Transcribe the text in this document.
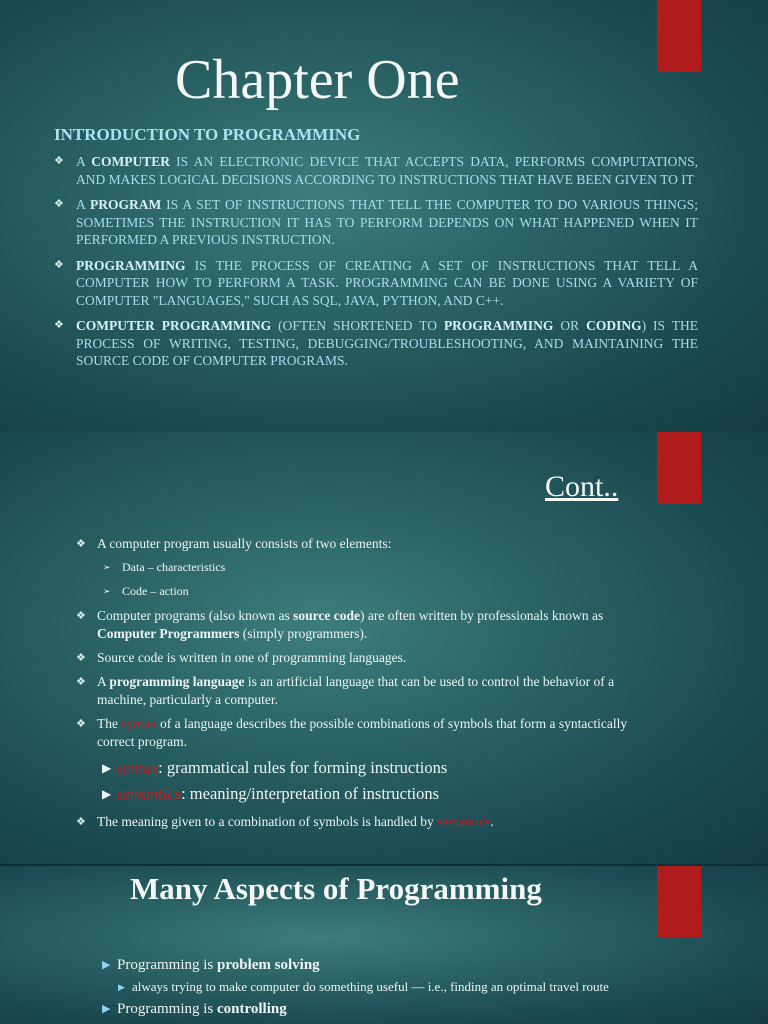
Chapter One
INTRODUCTION TO PROGRAMMING
❖ A COMPUTER IS AN ELECTRONIC DEVICE THAT ACCEPTS DATA, PERFORMS COMPUTATIONS, AND MAKES LOGICAL DECISIONS ACCORDING TO INSTRUCTIONS THAT HAVE BEEN GIVEN TO IT
❖ A PROGRAM IS A SET OF INSTRUCTIONS THAT TELL THE COMPUTER TO DO VARIOUS THINGS; SOMETIMES THE INSTRUCTION IT HAS TO PERFORM DEPENDS ON WHAT HAPPENED WHEN IT PERFORMED A PREVIOUS INSTRUCTION.
❖ PROGRAMMING IS THE PROCESS OF CREATING A SET OF INSTRUCTIONS THAT TELL A COMPUTER HOW TO PERFORM A TASK. PROGRAMMING CAN BE DONE USING A VARIETY OF COMPUTER "LANGUAGES," SUCH AS SQL, JAVA, PYTHON, AND C++.
❖ COMPUTER PROGRAMMING (OFTEN SHORTENED TO PROGRAMMING OR CODING) IS THE PROCESS OF WRITING, TESTING, DEBUGGING/TROUBLESHOOTING, AND MAINTAINING THE SOURCE CODE OF COMPUTER PROGRAMS.
Cont..
❖ A computer program usually consists of two elements:
➢ Data – characteristics
➢ Code – action
❖ Computer programs (also known as source code) are often written by professionals known as Computer Programmers (simply programmers).
❖ Source code is written in one of programming languages.
❖ A programming language is an artificial language that can be used to control the behavior of a machine, particularly a computer.
❖ The syntax of a language describes the possible combinations of symbols that form a syntactically correct program.
▶ syntax: grammatical rules for forming instructions
▶ semantics: meaning/interpretation of instructions
❖ The meaning given to a combination of symbols is handled by semantics.
Many Aspects of Programming
▶ Programming is problem solving
▶ always trying to make computer do something useful — i.e., finding an optimal travel route
▶ Programming is controlling
